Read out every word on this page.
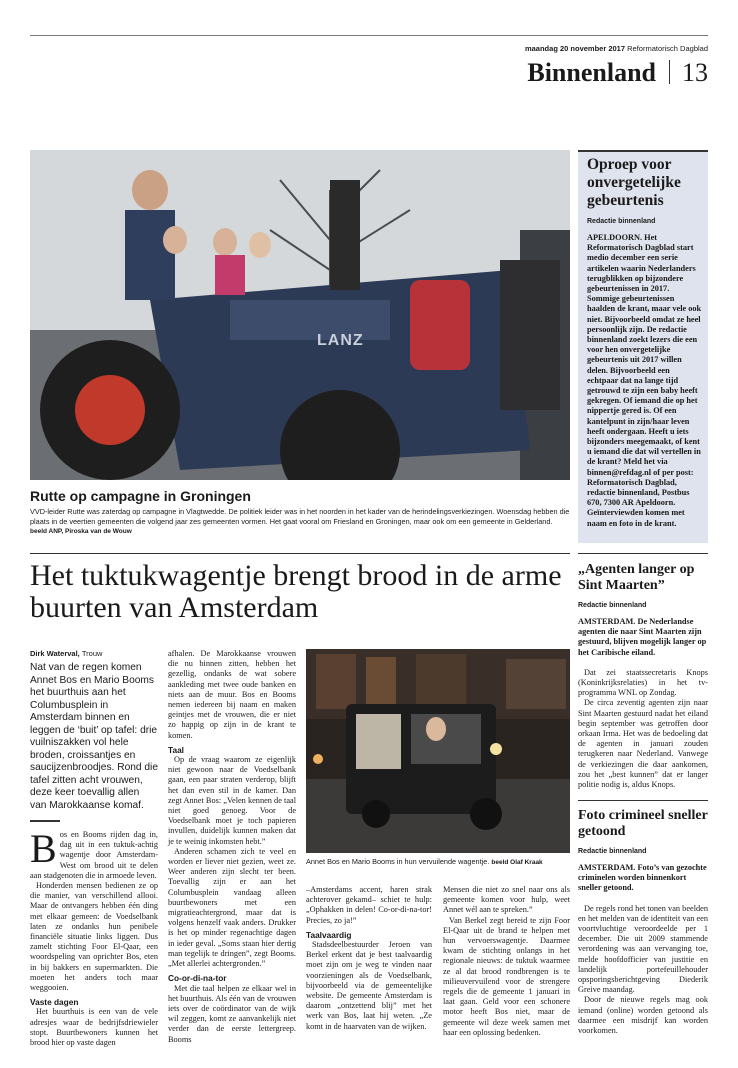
maandag 20 november 2017 Reformatorisch Dagblad
Binnenland 13
LANZ
Rutte op campagne in Groningen
VVD-leider Rutte was zaterdag op campagne in Vlagtwedde. De politiek leider was in het noorden in het kader van de herindelingsverkiezingen. Woensdag hebben die plaats in de veertien gemeenten die volgend jaar zes gemeenten vormen. Het gaat vooral om Friesland en Groningen, maar ook om een gemeente in Gelderland. beeld ANP, Piroska van de Wouw
Oproep voor onvergetelijke gebeurtenis
Redactie binnenland
APELDOORN. Het Reformatorisch Dagblad start medio december een serie artikelen waarin Nederlanders terugblikken op bijzondere gebeurtenissen in 2017. Sommige gebeurtenissen haalden de krant, maar vele ook niet. Bijvoorbeeld omdat ze heel persoonlijk zijn. De redactie binnenland zoekt lezers die een voor hen onvergetelijke gebeurtenis uit 2017 willen delen. Bijvoorbeeld een echtpaar dat na lange tijd getrouwd te zijn een baby heeft gekregen. Of iemand die op het nippertje gered is. Of een kantelpunt in zijn/haar leven heeft ondergaan. Heeft u iets bijzonders meegemaakt, of kent u iemand die dat wil vertellen in de krant? Meld het via binnen@refdag.nl of per post: Reformatorisch Dagblad, redactie binnenland, Postbus 670, 7300 AR Apeldoorn. Geïnterviewden komen met naam en foto in de krant.
Het tuktukwagentje brengt brood in de arme buurten van Amsterdam
Dirk Waterval, Trouw

Nat van de regen komen Annet Bos en Mario Booms het buurthuis aan het Columbusplein in Amsterdam binnen en leggen de ‘buit’ op tafel: drie vuilniszakken vol hele broden, croissantjes en saucijzenbroodjes. Rond die tafel zitten acht vrouwen, deze keer toevallig allen van Marokkaanse komaf.

B os en Booms rijden dag in, dag uit in een tuktuk-achtig wagentje door Amsterdam-West om brood uit te delen aan stadgenoten die in armoede leven.

Honderden mensen bedienen ze op die manier, van verschillend allooi. Maar de ontvangers hebben één ding met elkaar gemeen: de Voedselbank laten ze ondanks hun penibele financiële situatie links liggen. Dus zamelt stichting Foor El-Qaar, een woordspeling van oprichter Bos, eten in bij bakkers en supermarkten. Die moeten het anders toch maar weggooien.

Vaste dagen

Het buurthuis is een van de vele adresjes waar de bedrijfsdriewieler stopt. Buurtbewoners kunnen het brood hier op vaste dagen

afhalen. De Marokkaanse vrouwen die nu binnen zitten, hebben het gezellig, ondanks de wat sobere aankleding met twee oude banken en niets aan de muur. Bos en Booms nemen iedereen bij naam en maken geintjes met de vrouwen, die er niet zo happig op zijn in de krant te komen.

Taal

Op de vraag waarom ze eigenlijk niet gewoon naar de Voedselbank gaan, een paar straten verderop, blijft het dan even stil in de kamer. Dan zegt Annet Bos: „Velen kennen de taal niet goed genoeg. Voor de Voedselbank moet je toch papieren invullen, duidelijk kunnen maken dat je te weinig inkomsten hebt.”

Anderen schamen zich te veel en worden er liever niet gezien, weet ze. Weer anderen zijn slecht ter been. Toevallig zijn er aan het Columbusplein vandaag alleen buurtbewoners met een migratieachtergrond, maar dat is volgens henzelf vaak anders. Drukker is het op minder regenachtige dagen in ieder geval. „Soms staan hier dertig man tegelijk te dringen”, zegt Booms. „Met allerlei achtergronden.”

Co-or-di-na-tor

Met die taal helpen ze elkaar wel in het buurthuis. Als één van de vrouwen iets over de coördinator van de wijk wil zeggen, komt ze aanvankelijk niet verder dan de eerste lettergreep. Booms

Annet Bos en Mario Booms in hun vervuilende wagentje. beeld Olaf Kraak

–Amsterdams accent, haren strak achterover gekamd– schiet te hulp: „Ophakken in delen! Co-or-di-na-tor! Precies, zo ja!”

Taalvaardig

Stadsdeelbestuurder Jeroen van Berkel erkent dat je best taalvaardig moet zijn om je weg te vinden naar voorzieningen als de Voedselbank, bijvoorbeeld via de gemeentelijke website. De gemeente Amsterdam is daarom „ontzettend blij” met het werk van Bos, laat hij weten. „Ze komt in de haarvaten van de wijken.

Mensen die niet zo snel naar ons als gemeente komen voor hulp, weet Annet wél aan te spreken.”

Van Berkel zegt bereid te zijn Foor El-Qaar uit de brand te helpen met hun vervoerswagentje. Daarmee kwam de stichting onlangs in het regionale nieuws: de tuktuk waarmee ze al dat brood rondbrengen is te milieuvervuilend voor de strengere regels die de gemeente 1 januari in laat gaan. Geld voor een schonere motor heeft Bos niet, maar de gemeente wil deze week samen met haar een oplossing bedenken.

„Agenten langer op Sint Maarten”
Redactie binnenland
AMSTERDAM. De Nederlandse agenten die naar Sint Maarten zijn gestuurd, blijven mogelijk langer op het Caribische eiland.
Dat zei staatssecretaris Knops (Koninkrijksrelaties) in het tv-programma WNL op Zondag.
De circa zeventig agenten zijn naar Sint Maarten gestuurd nadat het eiland begin september was getroffen door orkaan Irma. Het was de bedoeling dat de agenten in januari zouden terugkeren naar Nederland. Vanwege de verkiezingen die daar aankomen, zou het „best kunnen” dat er langer politie nodig is, aldus Knops.
Foto crimineel sneller getoond
Redactie binnenland
AMSTERDAM. Foto’s van gezochte criminelen worden binnenkort sneller getoond.
De regels rond het tonen van beelden en het melden van de identiteit van een voortvluchtige veroordeelde per 1 december. Die uit 2009 stammende verordening was aan vervanging toe, melde hoofdofficier van justitie en landelijk portefeuillehouder opsporingsberichtgeving Diederik Greive maandag.
Door de nieuwe regels mag ook iemand (online) worden getoond als daarmee een misdrijf kan worden voorkomen.
